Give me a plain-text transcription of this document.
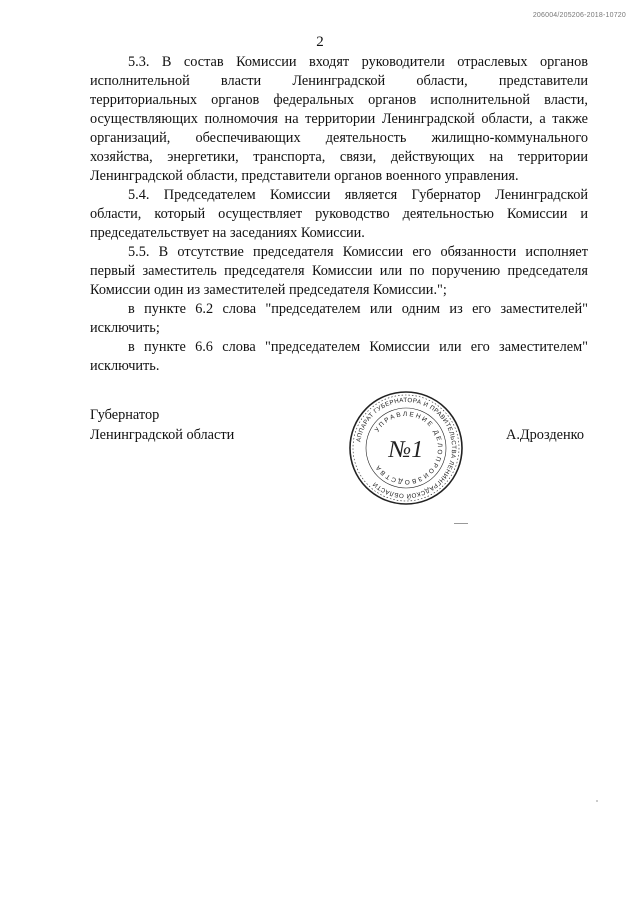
206004/205206-2018-10720
2

5.3. В состав Комиссии входят руководители отраслевых органов исполнительной власти Ленинградской области, представители территориальных органов федеральных органов исполнительной власти, осуществляющих полномочия на территории Ленинградской области, а также организаций, обеспечивающих деятельность жилищно-коммунального хозяйства, энергетики, транспорта, связи, действующих на территории Ленинградской области, представители органов военного управления.

5.4. Председателем Комиссии является Губернатор Ленинградской области, который осуществляет руководство деятельностью Комиссии и председательствует на заседаниях Комиссии.

5.5. В отсутствие председателя Комиссии его обязанности исполняет первый заместитель председателя Комиссии или по поручению председателя Комиссии один из заместителей председателя Комиссии.";

в пункте 6.2 слова "председателем или одним из его заместителей" исключить;

в пункте 6.6 слова "председателем Комиссии или его заместителем" исключить.

Губернатор
Ленинградской области	АППАРАТ ГУБЕРНАТОРА И ПРАВИТЕЛЬСТВА ЛЕНИНГРАДСКОЙ ОБЛАСТИ
УПРАВЛЕНИЕ ДЕЛОПРОИЗВОДСТВА
№1
А.Дрозденко
